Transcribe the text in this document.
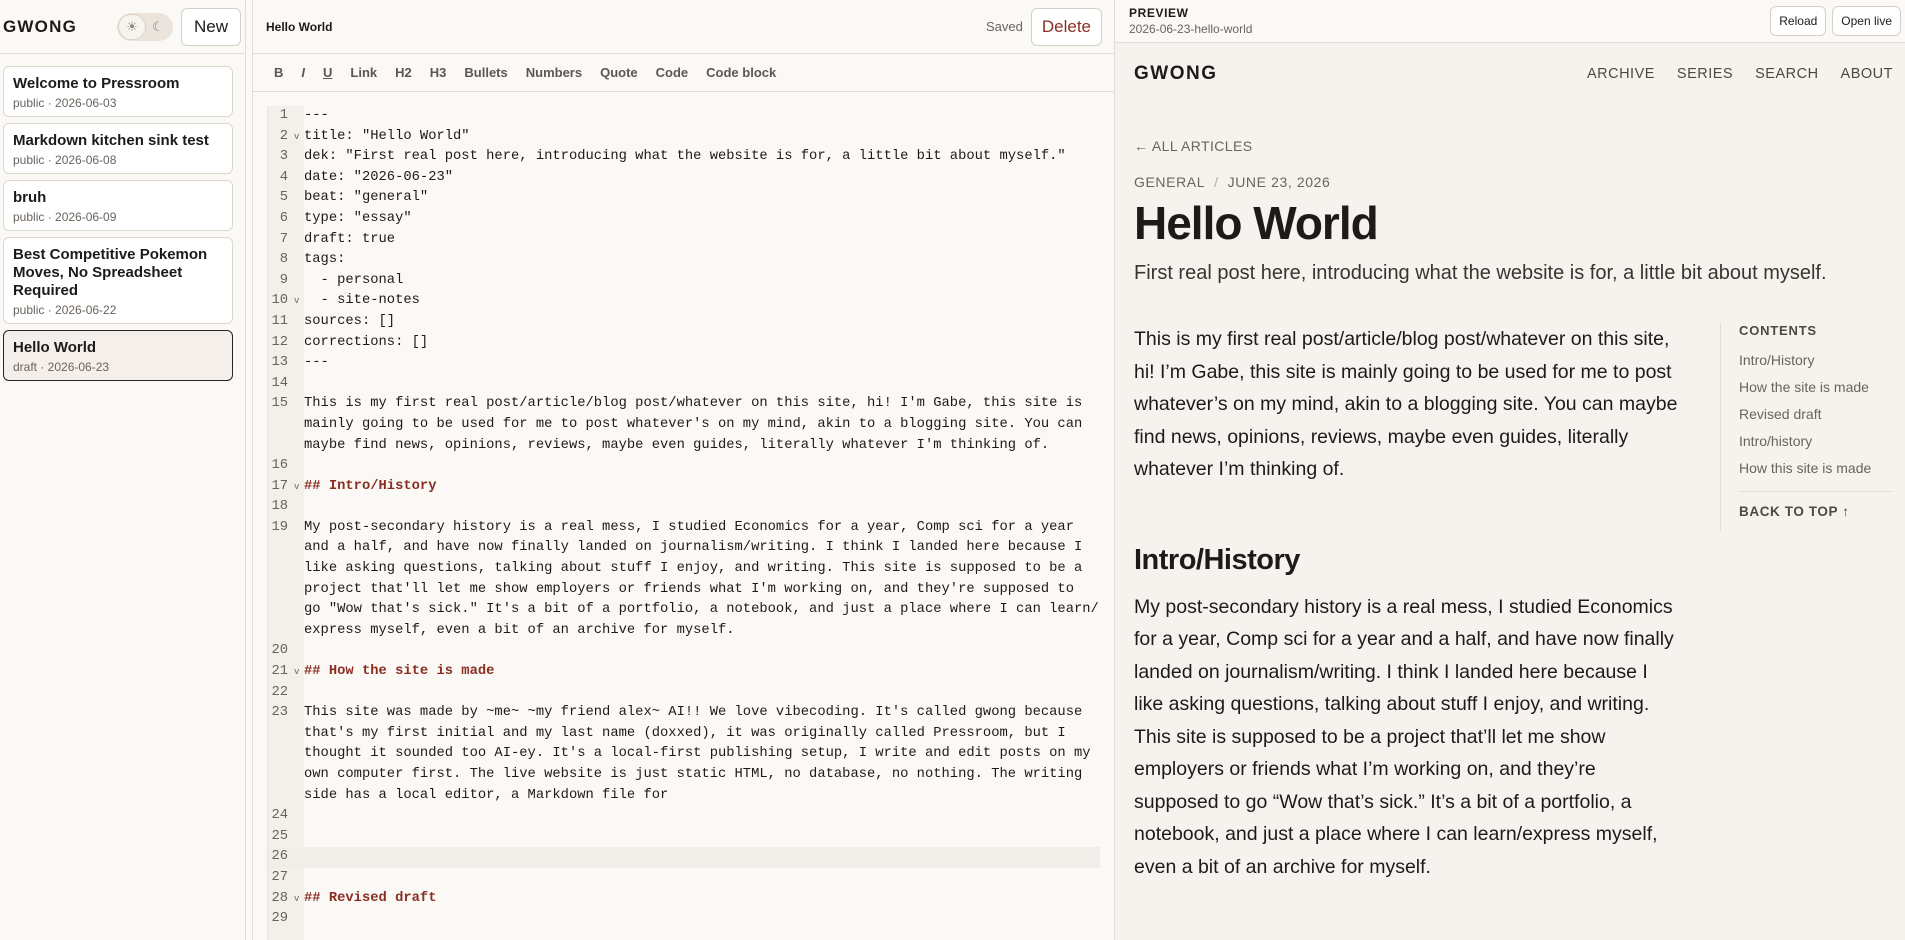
GWONG	☀	☾	New
Welcome to Pressroom
public · 2026-06-03
Markdown kitchen sink test
public · 2026-06-08
bruh
public · 2026-06-09
Best Competitive Pokemon Moves, No Spreadsheet Required
public · 2026-06-22
Hello World
draft · 2026-06-23
Hello World	Saved	Delete
B	I	U	Link	H2	H3	Bullets	Numbers	Quote	Code	Code block
1	---
2 v title: "Hello World"
3	dek: "First real post here, introducing what the website is for, a little bit about myself."
4	date: "2026-06-23"
5	beat: "general"
6	type: "essay"
7	draft: true
8	tags:
9	- personal
10 v - site-notes
11	sources: []
12	corrections: []
13	---
14
15	This is my first real post/article/blog post/whatever on this site, hi! I'm Gabe, this site is
mainly going to be used for me to post whatever's on my mind, akin to a blogging site. You can
maybe find news, opinions, reviews, maybe even guides, literally whatever I'm thinking of.
16
17 v ## Intro/History
18
19	My post-secondary history is a real mess, I studied Economics for a year, Comp sci for a year
and a half, and have now finally landed on journalism/writing. I think I landed here because I
like asking questions, talking about stuff I enjoy, and writing. This site is supposed to be a
project that'll let me show employers or friends what I'm working on, and they're supposed to
go "Wow that's sick." It's a bit of a portfolio, a notebook, and just a place where I can learn/
express myself, even a bit of an archive for myself.
20
21 v ## How the site is made
22
23	This site was made by ~me~ ~my friend alex~ AI!! We love vibecoding. It's called gwong because
that's my first initial and my last name (doxxed), it was originally called Pressroom, but I
thought it sounded too AI-ey. It's a local-first publishing setup, I write and edit posts on my
own computer first. The live website is just static HTML, no database, no nothing. The writing
side has a local editor, a Markdown file for
24
25
26
27
28 v ## Revised draft
29
PREVIEW
2026-06-23-hello-world
Reload	Open live
GWONG	ARCHIVE SERIES SEARCH ABOUT
← ALL ARTICLES
GENERAL / JUNE 23, 2026
Hello World
First real post here, introducing what the website is for, a little bit about myself.

This is my first real post/article/blog post/whatever on this site, hi! I’m Gabe, this site is mainly going to be used for me to post whatever’s on my mind, akin to a blogging site. You can maybe find news, opinions, reviews, maybe even guides, literally whatever I’m thinking of.

Intro/History

My post-secondary history is a real mess, I studied Economics for a year, Comp sci for a year and a half, and have now finally landed on journalism/writing. I think I landed here because I like asking questions, talking about stuff I enjoy, and writing. This site is supposed to be a project that’ll let me show employers or friends what I’m working on, and they’re supposed to go “Wow that’s sick.” It’s a bit of a portfolio, a notebook, and just a place where I can learn/express myself, even a bit of an archive for myself.

CONTENTS
Intro/History
How the site is made
Revised draft
Intro/history
How this site is made
BACK TO TOP ↑
